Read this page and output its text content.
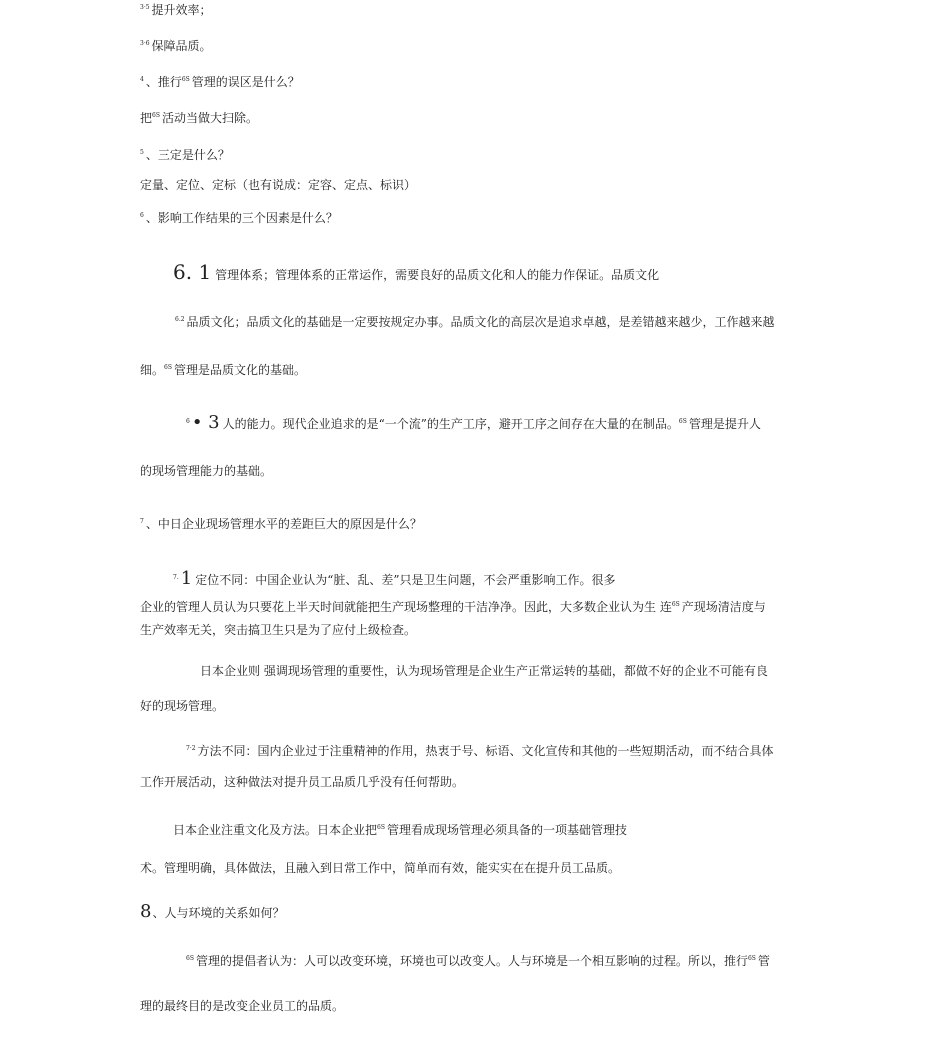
$^{3\cdot 5}$ 提升效率；
$^{3\cdot 6}$ 保障品质。
$^4$ 、推行$^{6S}$ 管理的误区是什么？
把$^{6S}$ 活动当做大扫除。
$^5$ 、三定是什么？
定量、定位、定标（也有说成：定容、定点、标识）
$^6$ 、影响工作结果的三个因素是什么？
6. 1 管理体系；管理体系的正常运作，需要良好的品质文化和人的能力作保证。品质文化
$^{6.2}$ 品质文化；品质文化的基础是一定要按规定办事。品质文化的高层次是追求卓越，是差错越来越少，工作越来越
细。$^{6S}$ 管理是品质文化的基础。
$^6$ • 3 人的能力。现代企业追求的是“一个流”的生产工序，避开工序之间存在大量的在制品。$^{6S}$ 管理是提升人
的现场管理能力的基础。
$^7$ 、中日企业现场管理水平的差距巨大的原因是什么？
$^{7.}$ 1 定位不同：中国企业认为“脏、乱、差”只是卫生问题，不会严重影响工作。很多
企业的管理人员认为只要花上半天时间就能把生产现场整理的干洁净净。因此，大多数企业认为生 连$^{6S}$ 产现场清洁度与
生产效率无关，突击搞卫生只是为了应付上级检查。
日本企业则 强调现场管理的重要性，认为现场管理是企业生产正常运转的基础，都做不好的企业不可能有良
好的现场管理。
$^{7\cdot 2}$ 方法不同：国内企业过于注重精神的作用，热衷于号、标语、文化宣传和其他的一些短期活动，而不结合具体
工作开展活动，这种做法对提升员工品质几乎没有任何帮助。
日本企业注重文化及方法。日本企业把$^{6S}$ 管理看成现场管理必须具备的一项基础管理技
术。管理明确，具体做法，且融入到日常工作中，简单而有效，能实实在在提升员工品质。
8、人与环境的关系如何？
$^{6S}$ 管理的提倡者认为：人可以改变环境，环境也可以改变人。人与环境是一个相互影响的过程。所以，推行$^{6S}$ 管
理的最终目的是改变企业员工的品质。
